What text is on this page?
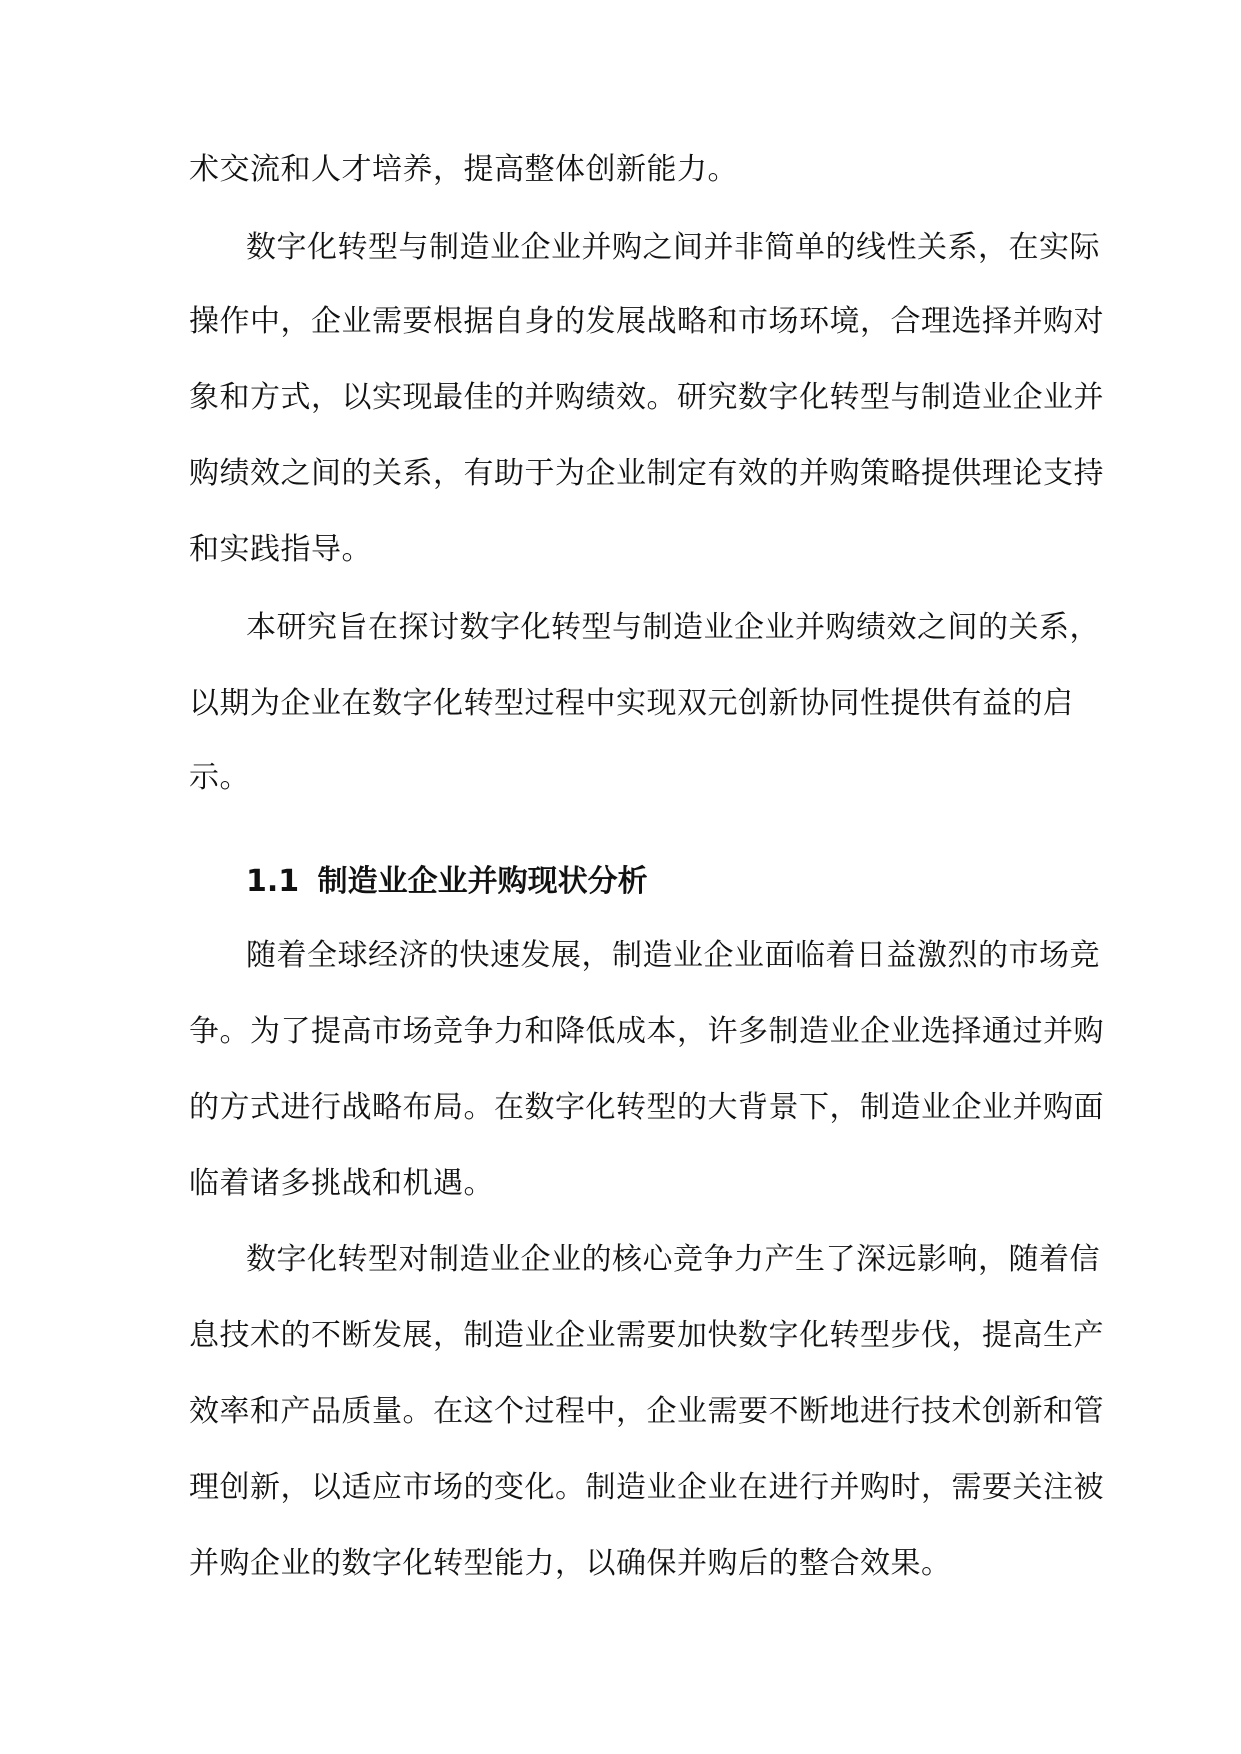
术交流和人才培养，提高整体创新能力。
数字化转型与制造业企业并购之间并非简单的线性关系，在实际
操作中，企业需要根据自身的发展战略和市场环境，合理选择并购对
象和方式，以实现最佳的并购绩效。研究数字化转型与制造业企业并
购绩效之间的关系，有助于为企业制定有效的并购策略提供理论支持
和实践指导。
本研究旨在探讨数字化转型与制造业企业并购绩效之间的关系，
以期为企业在数字化转型过程中实现双元创新协同性提供有益的启
示。
1.1 制造业企业并购现状分析
随着全球经济的快速发展，制造业企业面临着日益激烈的市场竞
争。为了提高市场竞争力和降低成本，许多制造业企业选择通过并购
的方式进行战略布局。在数字化转型的大背景下，制造业企业并购面
临着诸多挑战和机遇。
数字化转型对制造业企业的核心竞争力产生了深远影响，随着信
息技术的不断发展，制造业企业需要加快数字化转型步伐，提高生产
效率和产品质量。在这个过程中，企业需要不断地进行技术创新和管
理创新，以适应市场的变化。制造业企业在进行并购时，需要关注被
并购企业的数字化转型能力，以确保并购后的整合效果。
